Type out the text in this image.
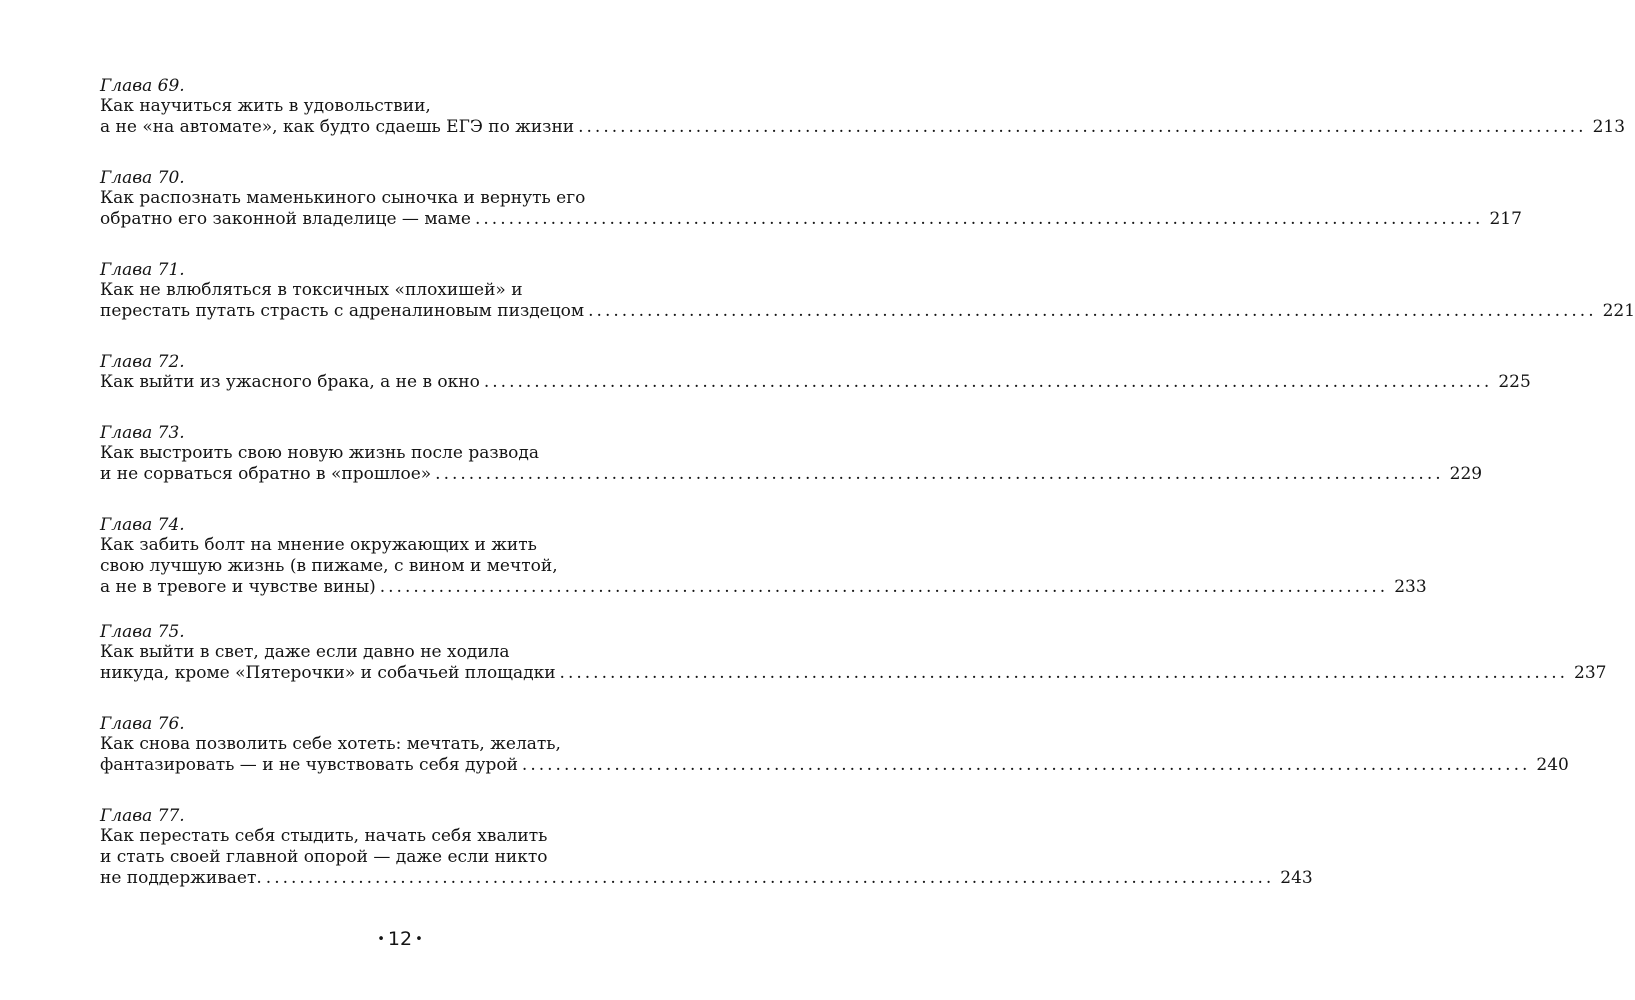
Глава 69.
Как научиться жить в удовольствии,
а не «на автомате», как будто сдаешь ЕГЭ по жизни ........................................................................................................................ 213
Глава 70.
Как распознать маменькиного сыночка и вернуть его
обратно его законной владелице — маме ........................................................................................................................ 217
Глава 71.
Как не влюбляться в токсичных «плохишей» и
перестать путать страсть с адреналиновым пиздецом ........................................................................................................................ 221
Глава 72.
Как выйти из ужасного брака, а не в окно ........................................................................................................................ 225
Глава 73.
Как выстроить свою новую жизнь после развода
и не сорваться обратно в «прошлое» ........................................................................................................................ 229
Глава 74.
Как забить болт на мнение окружающих и жить
свою лучшую жизнь (в пижаме, с вином и мечтой,
а не в тревоге и чувстве вины) ........................................................................................................................ 233
Глава 75.
Как выйти в свет, даже если давно не ходила
никуда, кроме «Пятерочки» и собачьей площадки ........................................................................................................................ 237
Глава 76.
Как снова позволить себе хотеть: мечтать, желать,
фантазировать — и не чувствовать себя дурой ........................................................................................................................ 240
Глава 77.
Как перестать себя стыдить, начать себя хвалить
и стать своей главной опорой — даже если никто
не поддерживает. ........................................................................................................................ 243
• 12 •
